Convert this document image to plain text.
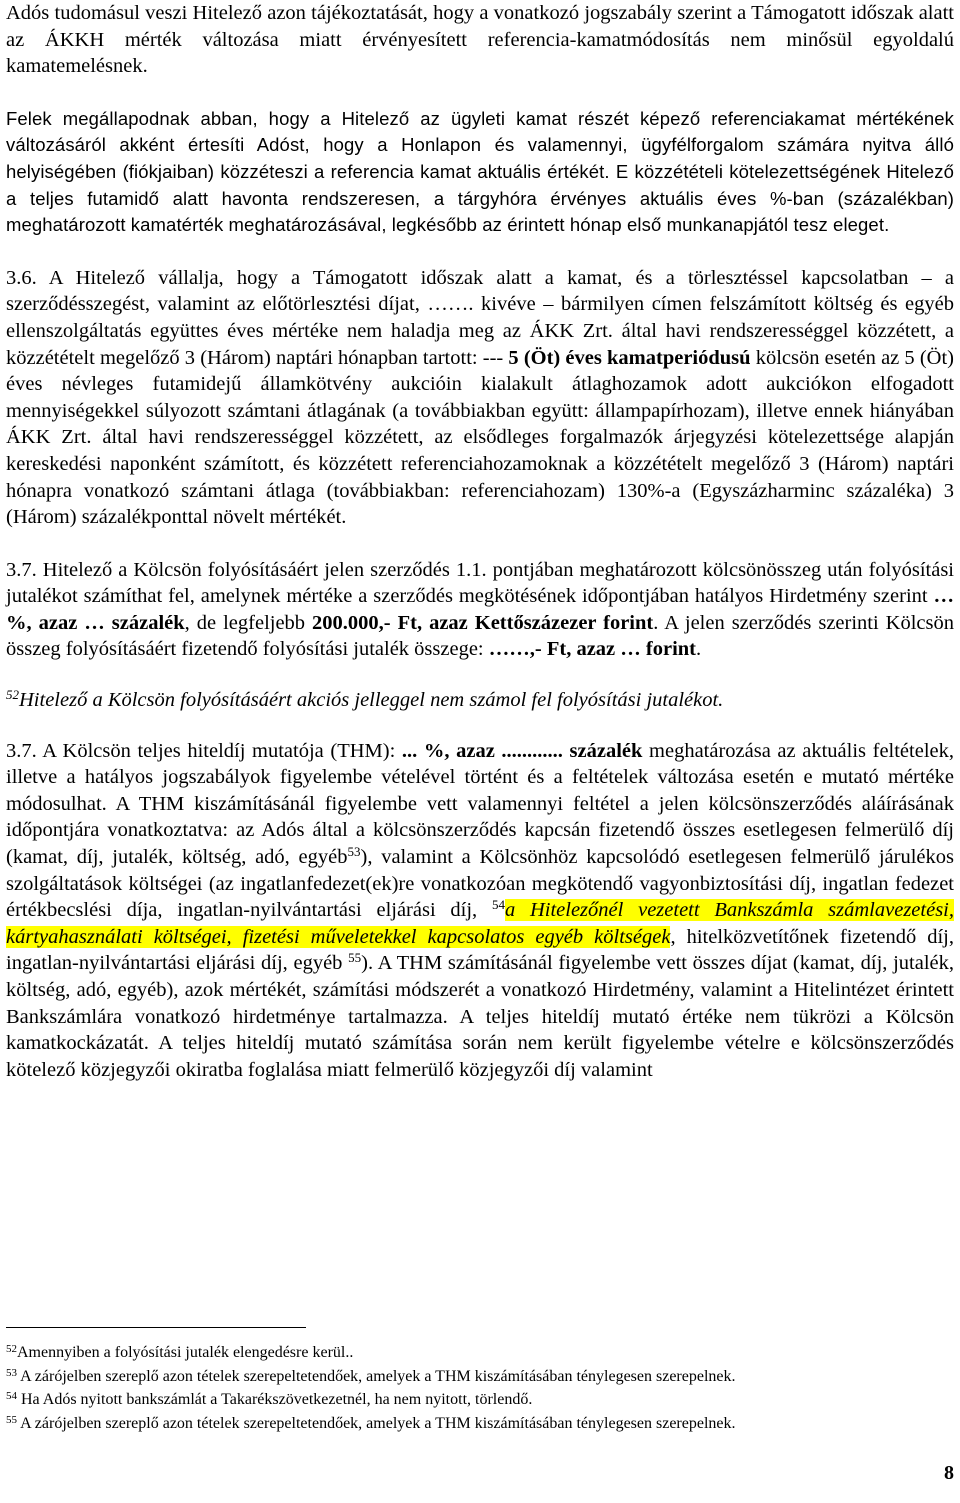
Adós tudomásul veszi Hitelező azon tájékoztatását, hogy a vonatkozó jogszabály szerint a Támogatott időszak alatt az ÁKKH mérték változása miatt érvényesített referencia-kamatmódosítás nem minősül egyoldalú kamatemelésnek.

Felek megállapodnak abban, hogy a Hitelező az ügyleti kamat részét képező referenciakamat mértékének változásáról akként értesíti Adóst, hogy a Honlapon és valamennyi, ügyfélforgalom számára nyitva álló helyiségében (fiókjaiban) közzéteszi a referencia kamat aktuális értékét. E közzétételi kötelezettségének Hitelező a teljes futamidő alatt havonta rendszeresen, a tárgyhóra érvényes aktuális éves %-ban (százalékban) meghatározott kamatérték meghatározásával, legkésőbb az érintett hónap első munkanapjától tesz eleget.

3.6. A Hitelező vállalja, hogy a Támogatott időszak alatt a kamat, és a törlesztéssel kapcsolatban – a szerződésszegést, valamint az előtörlesztési díjat, ……. kivéve – bármilyen címen felszámított költség és egyéb ellenszolgáltatás együttes éves mértéke nem haladja meg az ÁKK Zrt. által havi rendszerességgel közzétett, a közzétételt megelőző 3 (Három) naptári hónapban tartott: --- 5 (Öt) éves kamatperiódusú kölcsön esetén az 5 (Öt) éves névleges futamidejű államkötvény aukcióin kialakult átlaghozamok adott aukciókon elfogadott mennyiségekkel súlyozott számtani átlagának (a továbbiakban együtt: állampapírhozam), illetve ennek hiányában ÁKK Zrt. által havi rendszerességgel közzétett, az elsődleges forgalmazók árjegyzési kötelezettsége alapján kereskedési naponként számított, és közzétett referenciahozamoknak a közzétételt megelőző 3 (Három) naptári hónapra vonatkozó számtani átlaga (továbbiakban: referenciahozam) 130%-a (Egyszázharminc százaléka) 3 (Három) százalékponttal növelt mértékét.

3.7. Hitelező a Kölcsön folyósításáért jelen szerződés 1.1. pontjában meghatározott kölcsönösszeg után folyósítási jutalékot számíthat fel, amelynek mértéke a szerződés megkötésének időpontjában hatályos Hirdetmény szerint …%, azaz … százalék, de legfeljebb 200.000,- Ft, azaz Kettőszázezer forint. A jelen szerződés szerinti Kölcsön összeg folyósításáért fizetendő folyósítási jutalék összege: ……,- Ft, azaz … forint.

$^{52}$Hitelező a Kölcsön folyósításáért akciós jelleggel nem számol fel folyósítási jutalékot.

3.7. A Kölcsön teljes hiteldíj mutatója (THM): ... %, azaz ............ százalék meghatározása az aktuális feltételek, illetve a hatályos jogszabályok figyelembe vételével történt és a feltételek változása esetén e mutató mértéke módosulhat. A THM kiszámításánál figyelembe vett valamennyi feltétel a jelen kölcsönszerződés aláírásának időpontjára vonatkoztatva: az Adós által a kölcsönszerződés kapcsán fizetendő összes esetlegesen felmerülő díj (kamat, díj, jutalék, költség, adó, egyéb$^{53}$), valamint a Kölcsönhöz kapcsolódó esetlegesen felmerülő járulékos szolgáltatások költségei (az ingatlanfedezet(ek)re vonatkozóan megkötendő vagyonbiztosítási díj, ingatlan fedezet értékbecslési díja, ingatlan-nyilvántartási eljárási díj, $^{54}$a Hitelezőnél vezetett Bankszámla számlavezetési, kártyahasználati költségei, fizetési műveletekkel kapcsolatos egyéb költségek, hitelközvetítőnek fizetendő díj, ingatlan-nyilvántartási eljárási díj, egyéb $^{55}$). A THM számításánál figyelembe vett összes díjat (kamat, díj, jutalék, költség, adó, egyéb), azok mértékét, számítási módszerét a vonatkozó Hirdetmény, valamint a Hitelintézet érintett Bankszámlára vonatkozó hirdetménye tartalmazza. A teljes hiteldíj mutató értéke nem tükrözi a Kölcsön kamatkockázatát. A teljes hiteldíj mutató számítása során nem került figyelembe vételre e kölcsönszerződés kötelező közjegyzői okiratba foglalása miatt felmerülő közjegyzői díj valamint

$^{52}$Amennyiben a folyósítási jutalék elengedésre kerül..
$^{53}$ A zárójelben szereplő azon tételek szerepeltetendőek, amelyek a THM kiszámításában ténylegesen szerepelnek.
$^{54}$ Ha Adós nyitott bankszámlát a Takarékszövetkezetnél, ha nem nyitott, törlendő.
$^{55}$ A zárójelben szereplő azon tételek szerepeltetendőek, amelyek a THM kiszámításában ténylegesen szerepelnek.
8
